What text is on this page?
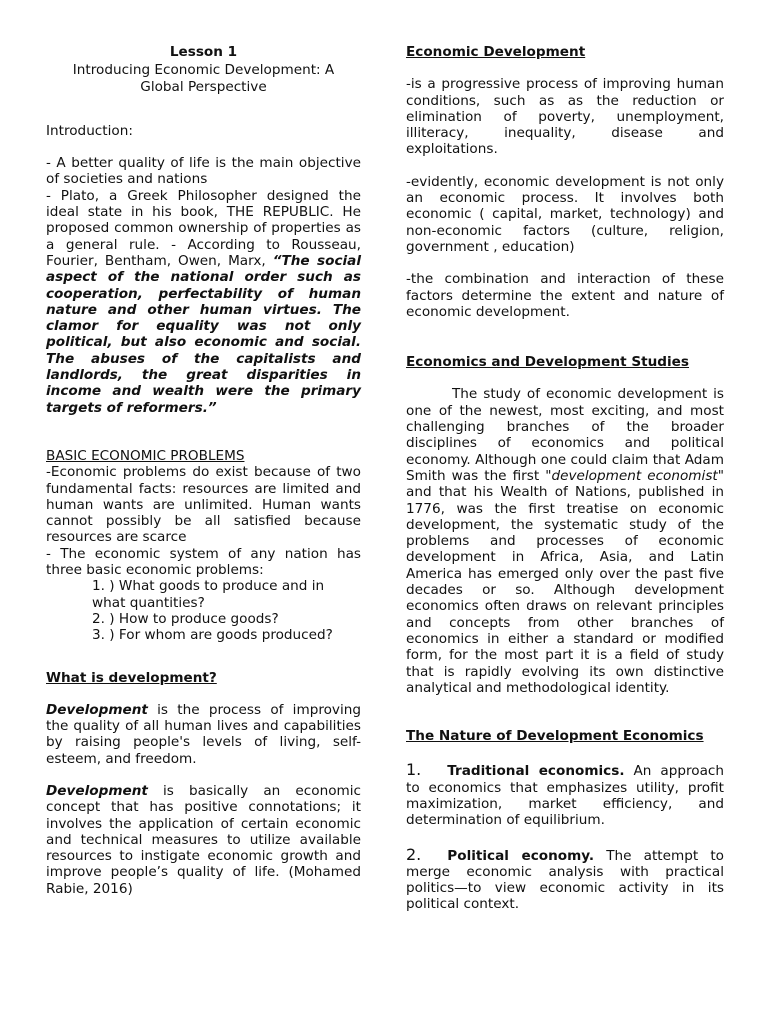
Lesson 1

Introducing Economic Development: A Global Perspective

Introduction:

- A better quality of life is the main objective of societies and nations

- Plato, a Greek Philosopher designed the ideal state in his book, THE REPUBLIC. He proposed common ownership of properties as a general rule. - According to Rousseau, Fourier, Bentham, Owen, Marx, “The social aspect of the national order such as cooperation, perfectability of human nature and other human virtues. The clamor for equality was not only political, but also economic and social. The abuses of the capitalists and landlords, the great disparities in income and wealth were the primary targets of reformers.”

BASIC ECONOMIC PROBLEMS

-Economic problems do exist because of two fundamental facts: resources are limited and human wants are unlimited. Human wants cannot possibly be all satisfied because resources are scarce

- The economic system of any nation has three basic economic problems:

1. ) What goods to produce and in what quantities?
2. ) How to produce goods?
3. ) For whom are goods produced?

What is development?

Development is the process of improving the quality of all human lives and capabilities by raising people's levels of living, self-esteem, and freedom.

Development is basically an economic concept that has positive connotations; it involves the application of certain economic and technical measures to utilize available resources to instigate economic growth and improve people’s quality of life. (Mohamed Rabie, 2016)

Economic Development

-is a progressive process of improving human conditions, such as as the reduction or elimination of poverty, unemployment, illiteracy, inequality, disease and exploitations.

-evidently, economic development is not only an economic process. It involves both economic ( capital, market, technology) and non-economic factors (culture, religion, government , education)

-the combination and interaction of these factors determine the extent and nature of economic development.

Economics and Development Studies

The study of economic development is one of the newest, most exciting, and most challenging branches of the broader disciplines of economics and political economy. Although one could claim that Adam Smith was the first "development economist" and that his Wealth of Nations, published in 1776, was the first treatise on economic development, the systematic study of the problems and processes of economic development in Africa, Asia, and Latin America has emerged only over the past five decades or so. Although development economics often draws on relevant principles and concepts from other branches of economics in either a standard or modified form, for the most part it is a field of study that is rapidly evolving its own distinctive analytical and methodological identity.

The Nature of Development Economics

1. Traditional economics. An approach to economics that emphasizes utility, profit maximization, market efficiency, and determination of equilibrium.

2. Political economy. The attempt to merge economic analysis with practical politics—to view economic activity in its political context.
